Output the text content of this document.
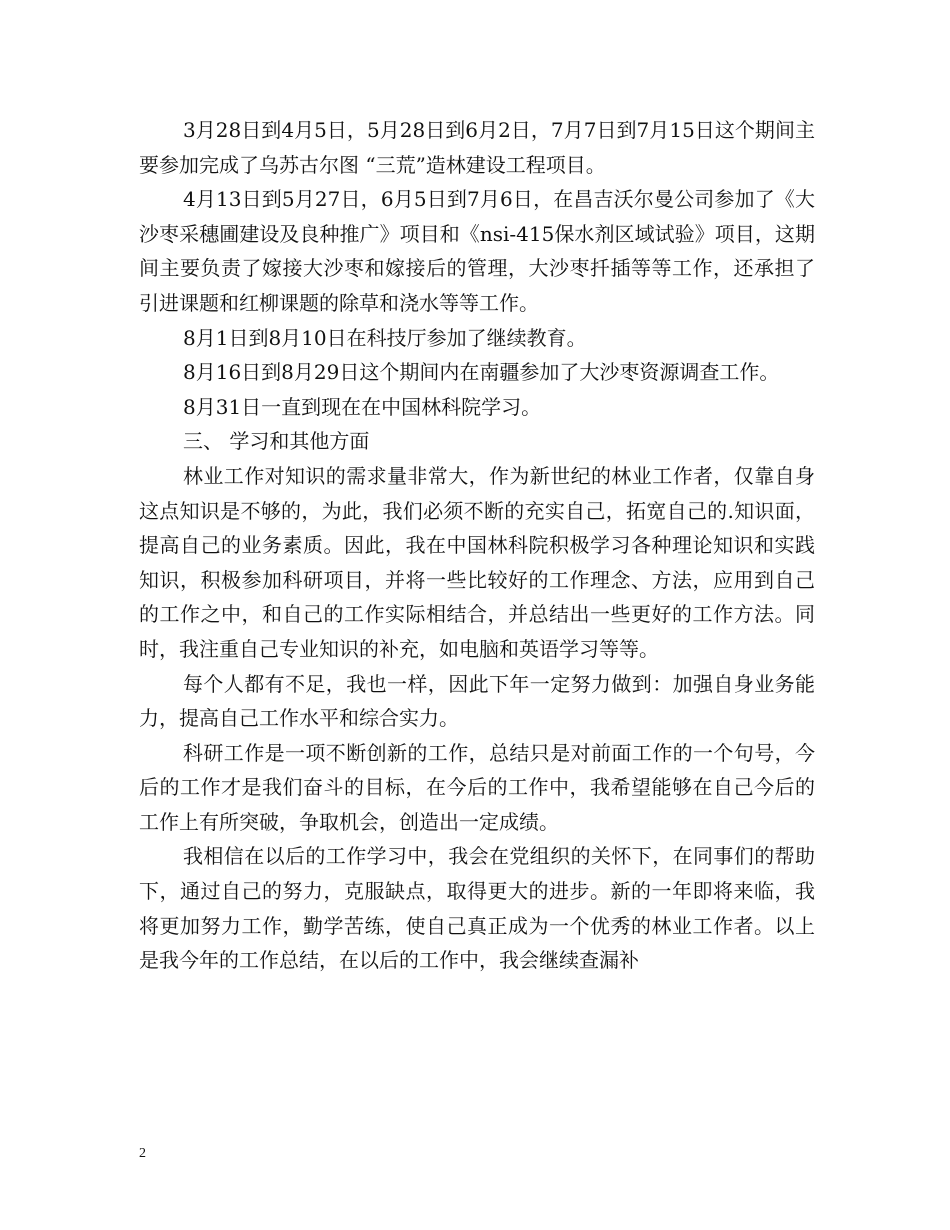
3月28日到4月5日，5月28日到6月2日，7月7日到7月15日这个期间主要参加完成了乌苏古尔图 “三荒”造林建设工程项目。

4月13日到5月27日，6月5日到7月6日，在昌吉沃尔曼公司参加了《大沙枣采穗圃建设及良种推广》项目和《nsi-415保水剂区域试验》项目，这期间主要负责了嫁接大沙枣和嫁接后的管理，大沙枣扦插等等工作，还承担了引进课题和红柳课题的除草和浇水等等工作。

8月1日到8月10日在科技厅参加了继续教育。

8月16日到8月29日这个期间内在南疆参加了大沙枣资源调查工作。

8月31日一直到现在在中国林科院学习。

三、 学习和其他方面

林业工作对知识的需求量非常大，作为新世纪的林业工作者，仅靠自身这点知识是不够的，为此，我们必须不断的充实自己，拓宽自己的.知识面，提高自己的业务素质。因此，我在中国林科院积极学习各种理论知识和实践知识，积极参加科研项目，并将一些比较好的工作理念、方法，应用到自己的工作之中，和自己的工作实际相结合，并总结出一些更好的工作方法。同时，我注重自己专业知识的补充，如电脑和英语学习等等。

每个人都有不足，我也一样，因此下年一定努力做到：加强自身业务能力，提高自己工作水平和综合实力。

科研工作是一项不断创新的工作，总结只是对前面工作的一个句号，今后的工作才是我们奋斗的目标，在今后的工作中，我希望能够在自己今后的工作上有所突破，争取机会，创造出一定成绩。

我相信在以后的工作学习中，我会在党组织的关怀下，在同事们的帮助下，通过自己的努力，克服缺点，取得更大的进步。新的一年即将来临，我将更加努力工作，勤学苦练，使自己真正成为一个优秀的林业工作者。以上是我今年的工作总结，在以后的工作中，我会继续查漏补

2
